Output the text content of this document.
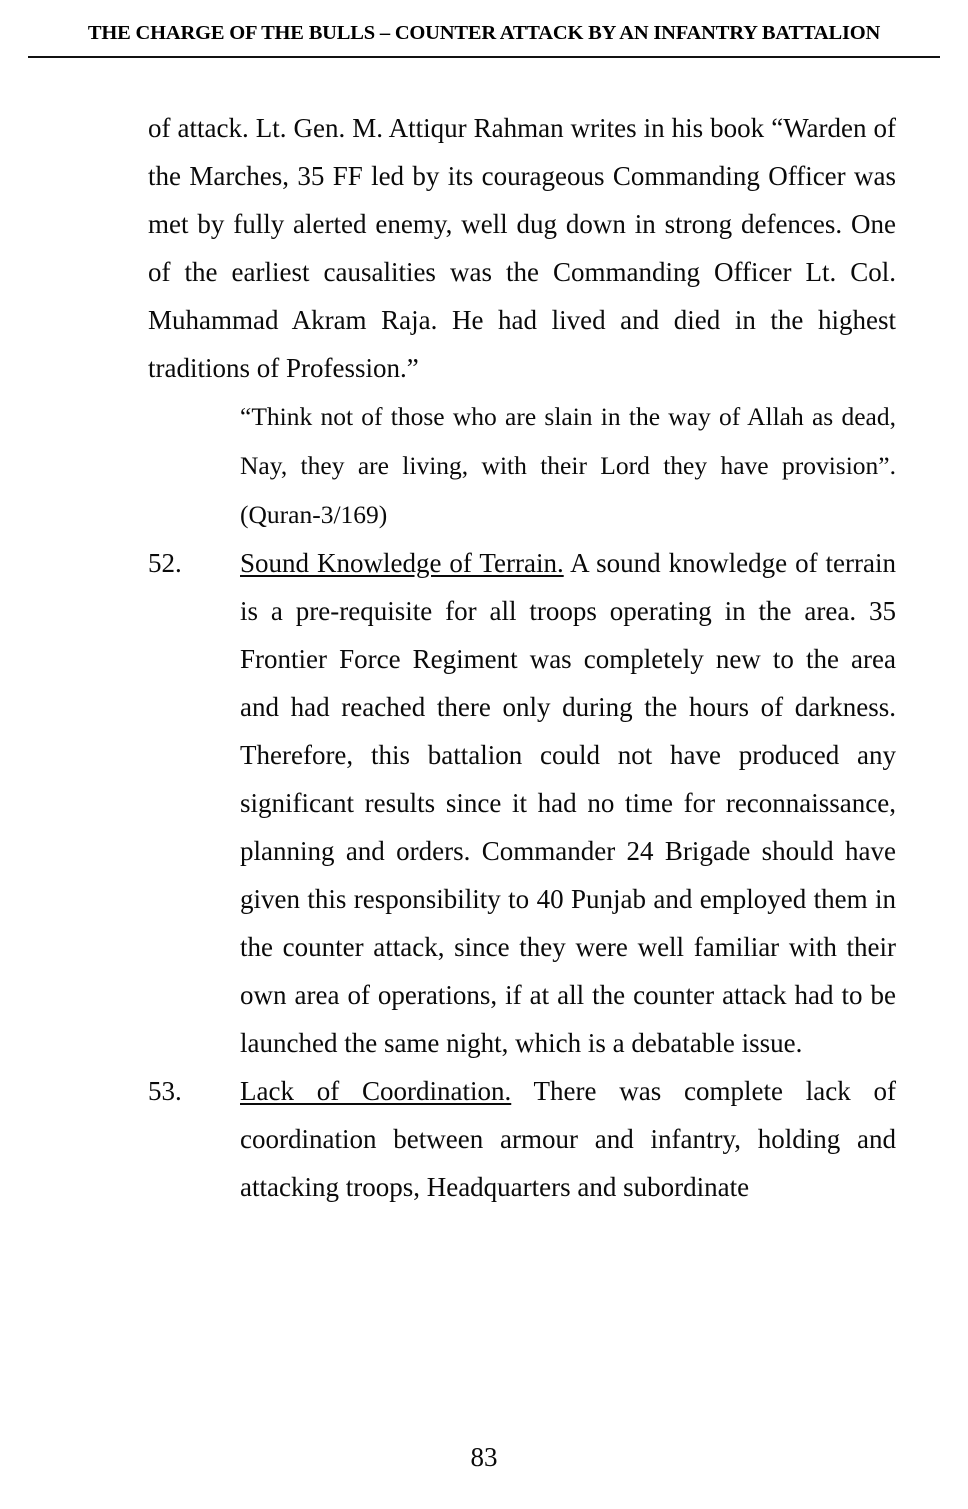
THE CHARGE OF THE BULLS – COUNTER ATTACK BY AN INFANTRY BATTALION

of attack. Lt. Gen. M. Attiqur Rahman writes in his book “Warden of the Marches, 35 FF led by its courageous Commanding Officer was met by fully alerted enemy, well dug down in strong defences. One of the earliest causalities was the Commanding Officer Lt. Col. Muhammad Akram Raja. He had lived and died in the highest traditions of Profession.”

“Think not of those who are slain in the way of Allah as dead, Nay, they are living, with their Lord they have provision”. (Quran-3/169)

52.	Sound Knowledge of Terrain. A sound knowledge of terrain is a pre-requisite for all troops operating in the area. 35 Frontier Force Regiment was completely new to the area and had reached there only during the hours of darkness. Therefore, this battalion could not have produced any significant results since it had no time for reconnaissance, planning and orders. Commander 24 Brigade should have given this responsibility to 40 Punjab and employed them in the counter attack, since they were well familiar with their own area of operations, if at all the counter attack had to be launched the same night, which is a debatable issue.
53.	Lack of Coordination. There was complete lack of coordination between armour and infantry, holding and attacking troops, Headquarters and subordinate
83
